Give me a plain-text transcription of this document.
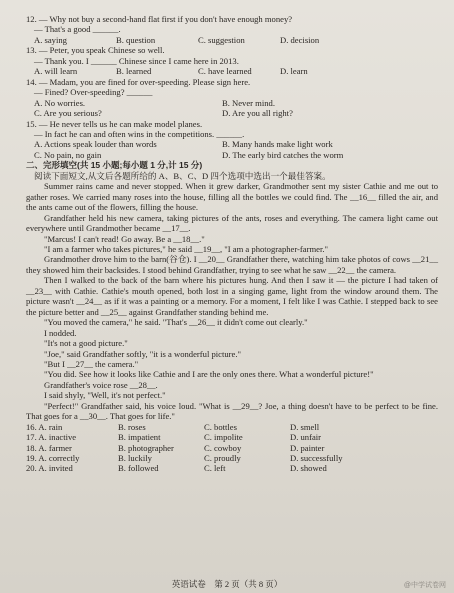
12. — Why not buy a second-hand flat first if you don't have enough money?
— That's a good ______.
A. saying	B. question	C. suggestion	D. decision
13. — Peter, you speak Chinese so well.
— Thank you. I ______ Chinese since I came here in 2013.
A. will learn	B. learned	C. have learned	D. learn
14. — Madam, you are fined for over-speeding. Please sign here.
— Fined? Over-speeding? ______
A. No worries.	B. Never mind.
C. Are you serious?	D. Are you all right?
15. — He never tells us he can make model planes.
— In fact he can and often wins in the competitions. ______.
A. Actions speak louder than words	B. Many hands make light work
C. No pain, no gain	D. The early bird catches the worm
二、完形填空(共 15 小题;每小题 1 分,计 15 分)
阅读下面短文,从文后各题所给的 A、B、C、D 四个选项中选出一个最佳答案。
Summer rains came and never stopped. When it grew darker, Grandmother sent my sister Cathie and me out to gather roses. We carried many roses into the house, filling all the bottles we could find. The __16__ filled the air, and the ants came out of the flowers, filling the house.
Grandfather held his new camera, taking pictures of the ants, roses and everything. The camera light came out everywhere until Grandmother became __17__.
"Marcus! I can't read! Go away. Be a __18__."
"I am a farmer who takes pictures," he said __19__, "I am a photographer-farmer."
Grandmother drove him to the barn(谷仓). I __20__ Grandfather there, watching him take photos of cows __21__ they showed him their backsides. I stood behind Grandfather, trying to see what he saw __22__ the camera.
Then I walked to the back of the barn where his pictures hung. And then I saw it — the picture I had taken of __23__ with Cathie. Cathie's mouth opened, both lost in a singing game, light from the window around them. The picture wasn't __24__ as if it was a painting or a memory. For a moment, I felt like I was Cathie. I stepped back to see the picture better and __25__ against Grandfather standing behind me.
"You moved the camera," he said. "That's __26__ it didn't come out clearly."
I nodded.
"It's not a good picture."
"Joe," said Grandfather softly, "it is a wonderful picture."
"But I __27__ the camera."
"You did. See how it looks like Cathie and I are the only ones there. What a wonderful picture!"
Grandfather's voice rose __28__.
I said shyly, "Well, it's not perfect."
"Perfect!" Grandfather said, his voice loud. "What is __29__? Joe, a thing doesn't have to be perfect to be fine. That goes for a __30__. That goes for life."
16. A. rain	B. roses	C. bottles	D. smell
17. A. inactive	B. impatient	C. impolite	D. unfair
18. A. farmer	B. photographer	C. cowboy	D. painter
19. A. correctly	B. luckily	C. proudly	D. successfully
20. A. invited	B. followed	C. left	D. showed
英语试卷　第 2 页（共 8 页）	@中学试卷网
